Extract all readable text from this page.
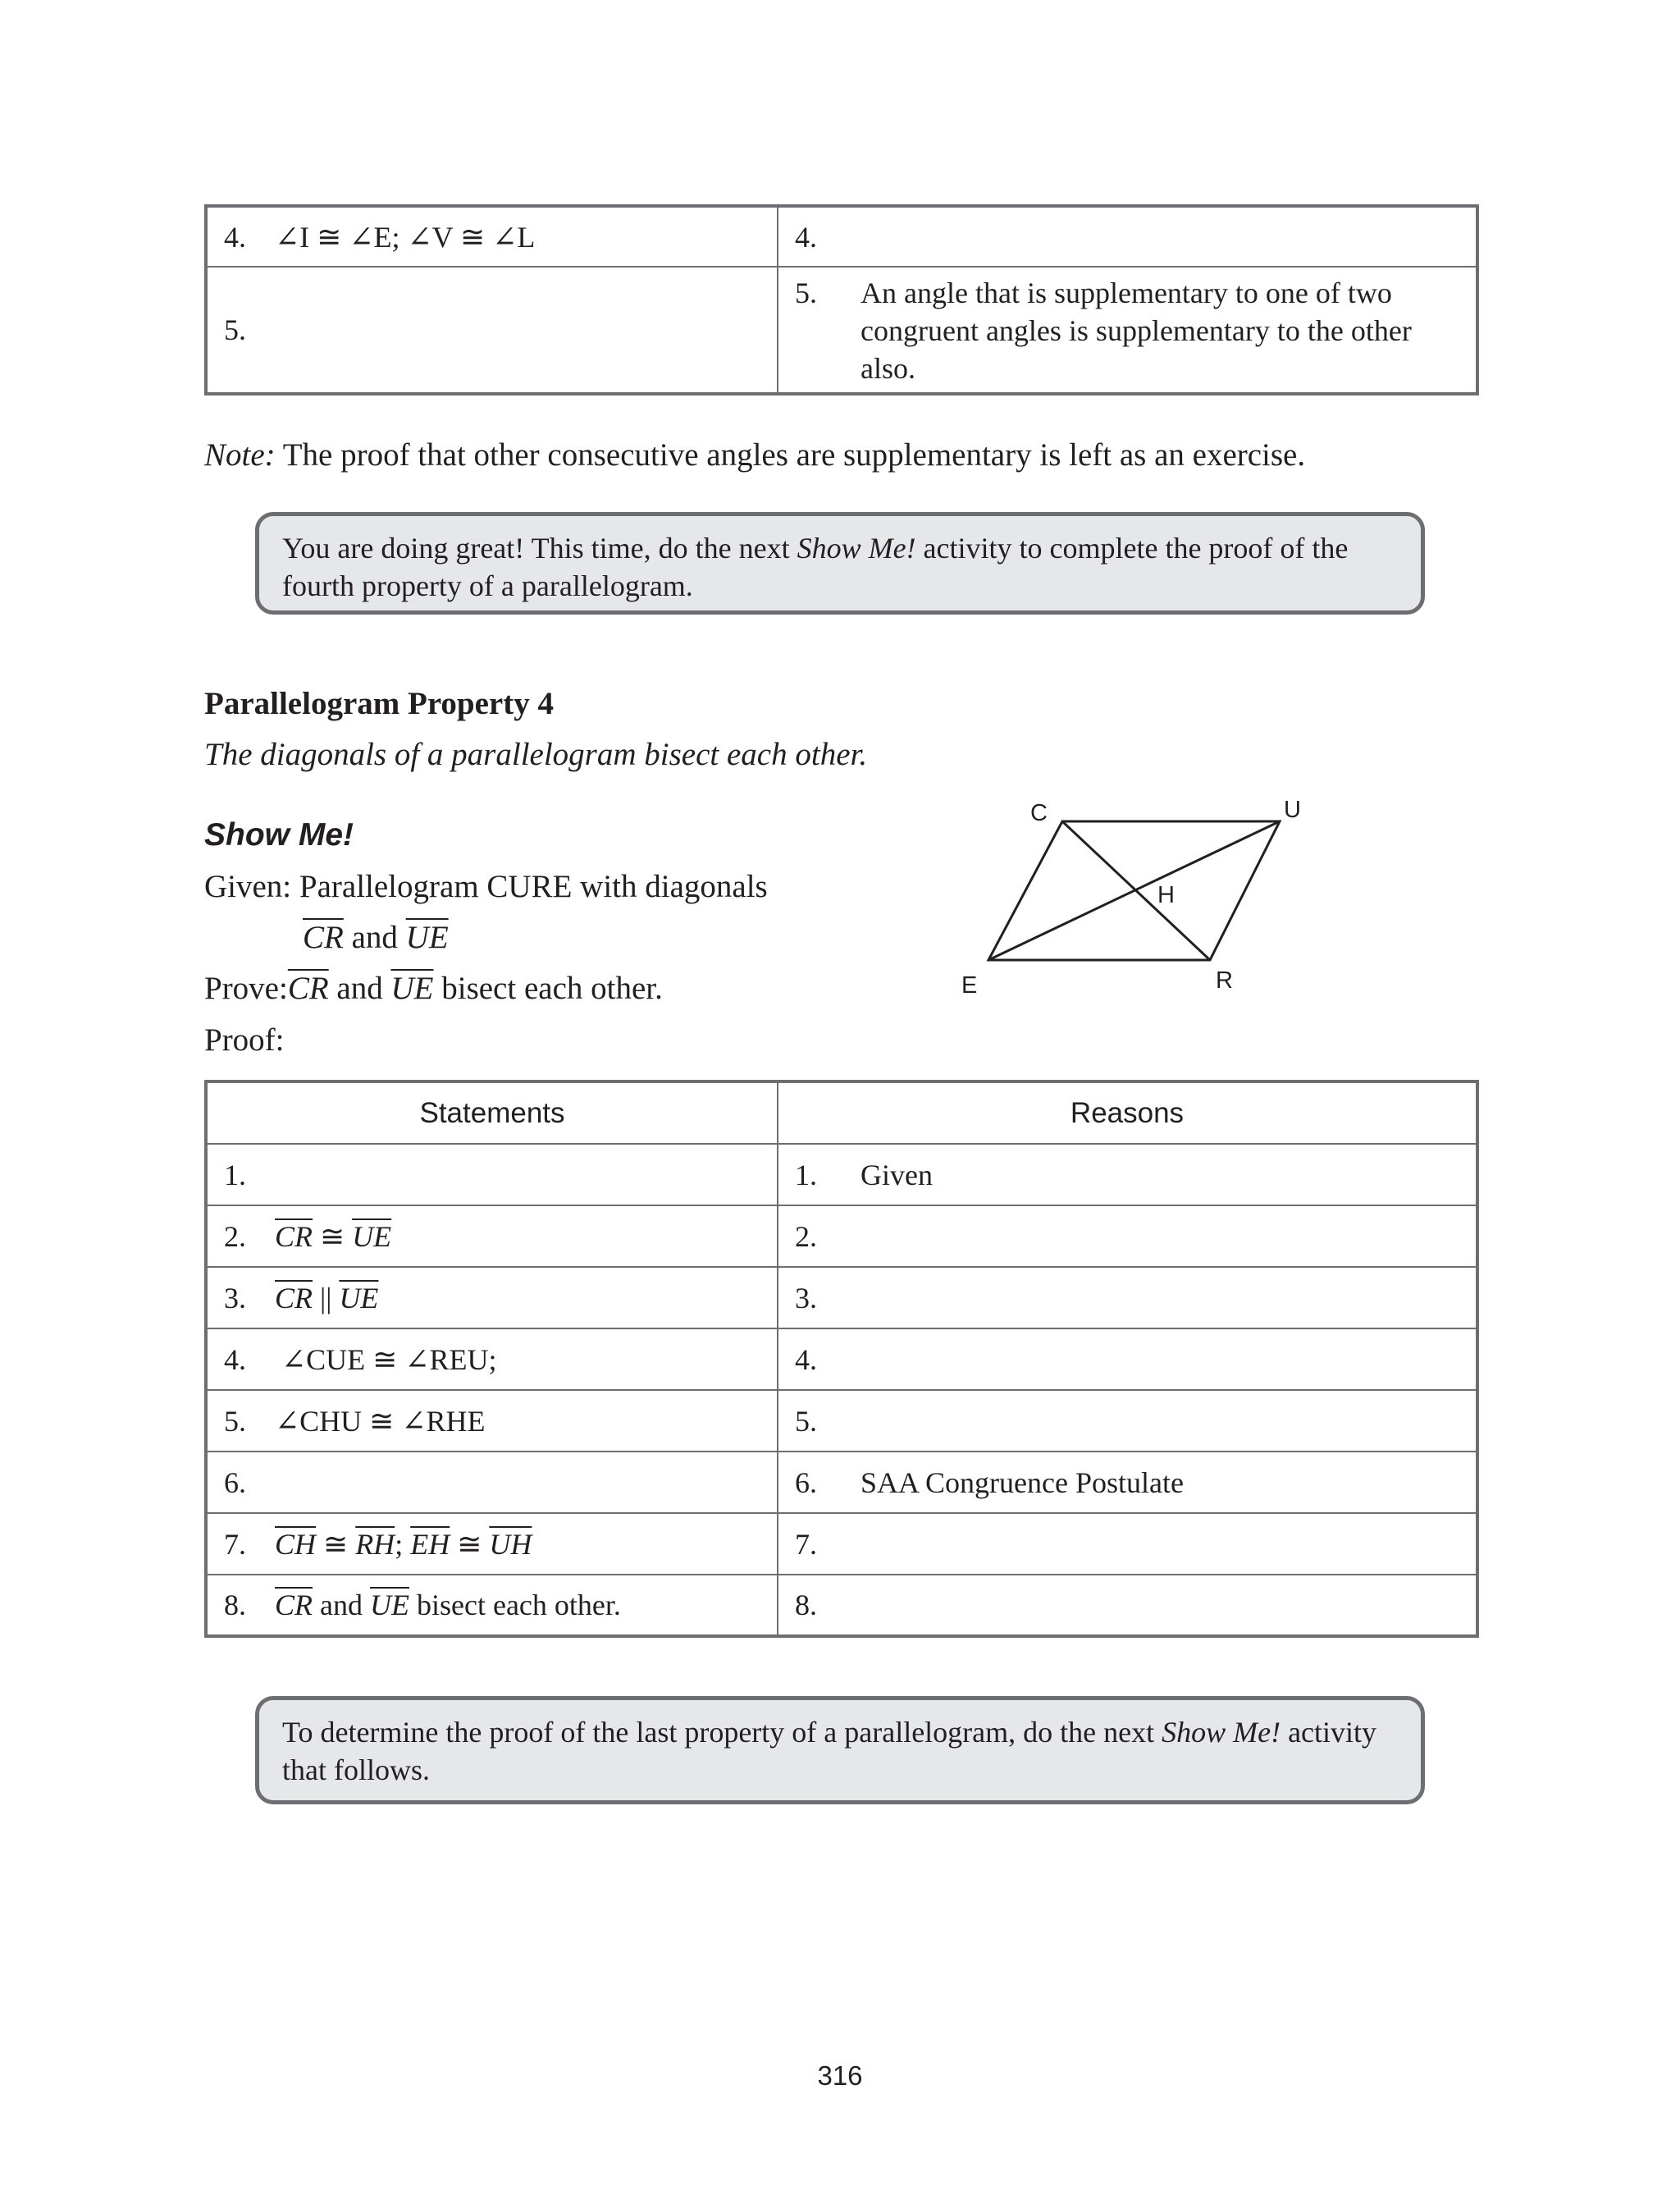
4. ∠I ≅ ∠E; ∠V ≅ ∠L	4.

5.	5. An angle that is supplementary to one of two congruent angles is supplementary to the other also.
Note: The proof that other consecutive angles are supplementary is left as an exercise.
You are doing great! This time, do the next Show Me! activity to complete the proof of the fourth property of a parallelogram.
Parallelogram Property 4
The diagonals of a parallelogram bisect each other.
Show Me!
Given: Parallelogram CURE with diagonals
$\overline{CR}$ and $\overline{UE}$
$Prove:\overline{CR}$ and $\overline{UE}$ bisect each other.
Proof:
C	U
H
E	R
Statements	Reasons

1.	1. Given

2. $\overline{CR}$ ≅ $\overline{UE}$	2.

3. $\overline{CR}$ || $\overline{UE}$	3.

4. ∠CUE ≅ ∠REU;	4.

5. ∠CHU ≅ ∠RHE	5.

6.	6. SAA Congruence Postulate

7. $\overline{CH}$ ≅ $\overline{RH}$; $\overline{EH}$ ≅ $\overline{UH}$	7.

8. $\overline{CR}$ and $\overline{UE}$ bisect each other.	8.
To determine the proof of the last property of a parallelogram, do the next Show Me! activity that follows.
316
